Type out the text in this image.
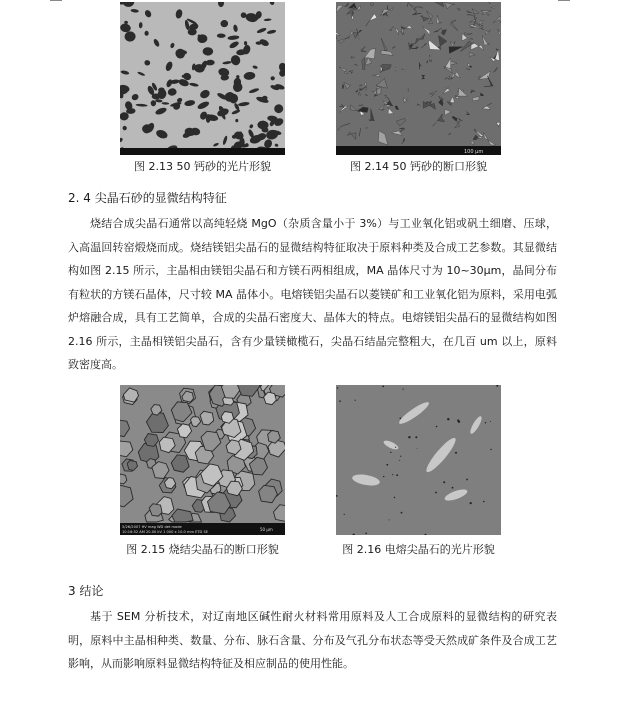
图 2.13 50 钙砂的光片形貌
100 μm
图 2.14 50 钙砂的断口形貌
2. 4 尖晶石砂的显微结构特征

烧结合成尖晶石通常以高纯轻烧 MgO（杂质含量小于 3%）与工业氧化铝或矾土细磨、压球，入高温回转窑煅烧而成。烧结镁铝尖晶石的显微结构特征取决于原料种类及合成工艺参数。其显微结构如图 2.15 所示，主晶相由镁铝尖晶石和方镁石两相组成，MA 晶体尺寸为 10~30μm，晶间分布有粒状的方镁石晶体，尺寸较 MA 晶体小。电熔镁铝尖晶石以菱镁矿和工业氧化铝为原料，采用电弧炉熔融合成，具有工艺简单，合成的尖晶石密度大、晶体大的特点。电熔镁铝尖晶石的显微结构如图 2.16 所示，主晶相镁铝尖晶石，含有少量镁橄榄石，尖晶石结晶完整粗大，在几百 um 以上，原料致密度高。

5/26/2007 HV mag WD det mode
10:16:52 AM 20.00 kV 1 000 x 10.0 mm ETD SE	50 μm
图 2.15 烧结尖晶石的断口形貌	图 2.16 电熔尖晶石的光片形貌
3 结论

基于 SEM 分析技术，对辽南地区碱性耐火材料常用原料及人工合成原料的显微结构的研究表明，原料中主晶相种类、数量、分布、脉石含量、分布及气孔分布状态等受天然成矿条件及合成工艺影响，从而影响原料显微结构特征及相应制品的使用性能。
